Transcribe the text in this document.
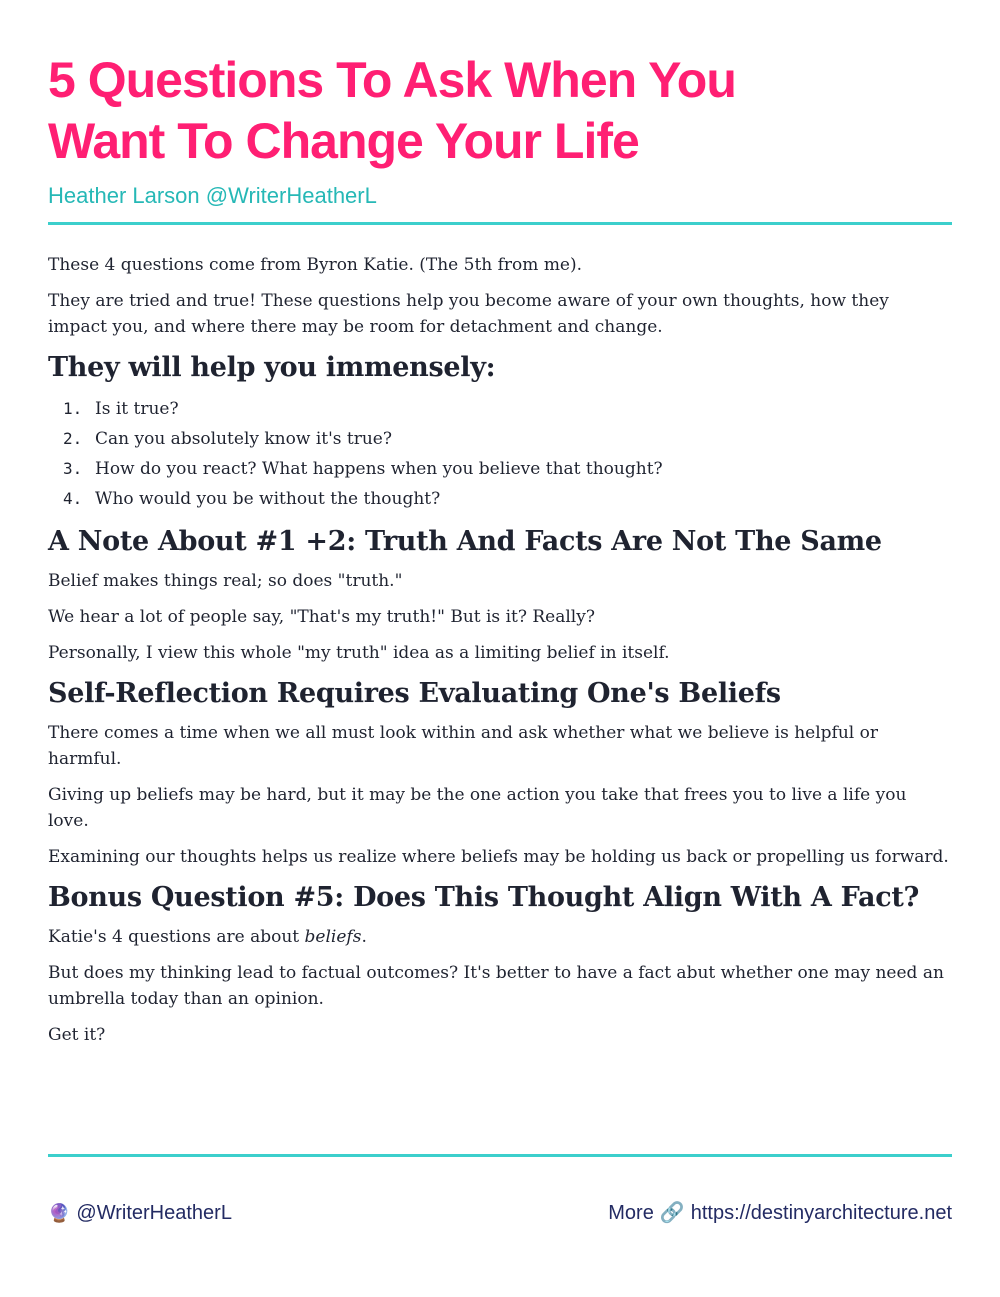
5 Questions To Ask When You
Want To Change Your Life
Heather Larson @WriterHeatherL

These 4 questions come from Byron Katie. (The 5th from me).

They are tried and true! These questions help you become aware of your own thoughts, how they impact you, and where there may be room for detachment and change.

They will help you immensely:
1. Is it true?
2. Can you absolutely know it's true?
3. How do you react? What happens when you believe that thought?
4. Who would you be without the thought?
A Note About #1 +2: Truth And Facts Are Not The Same

Belief makes things real; so does "truth."

We hear a lot of people say, "That's my truth!" But is it? Really?

Personally, I view this whole "my truth" idea as a limiting belief in itself.

Self-Reflection Requires Evaluating One's Beliefs

There comes a time when we all must look within and ask whether what we believe is helpful or harmful.

Giving up beliefs may be hard, but it may be the one action you take that frees you to live a life you love.

Examining our thoughts helps us realize where beliefs may be holding us back or propelling us forward.

Bonus Question #5: Does This Thought Align With A Fact?

Katie's 4 questions are about beliefs.

But does my thinking lead to factual outcomes? It's better to have a fact abut whether one may need an umbrella today than an opinion.

Get it?

🔮 @WriterHeatherL	More 🔗 https://destinyarchitecture.net
